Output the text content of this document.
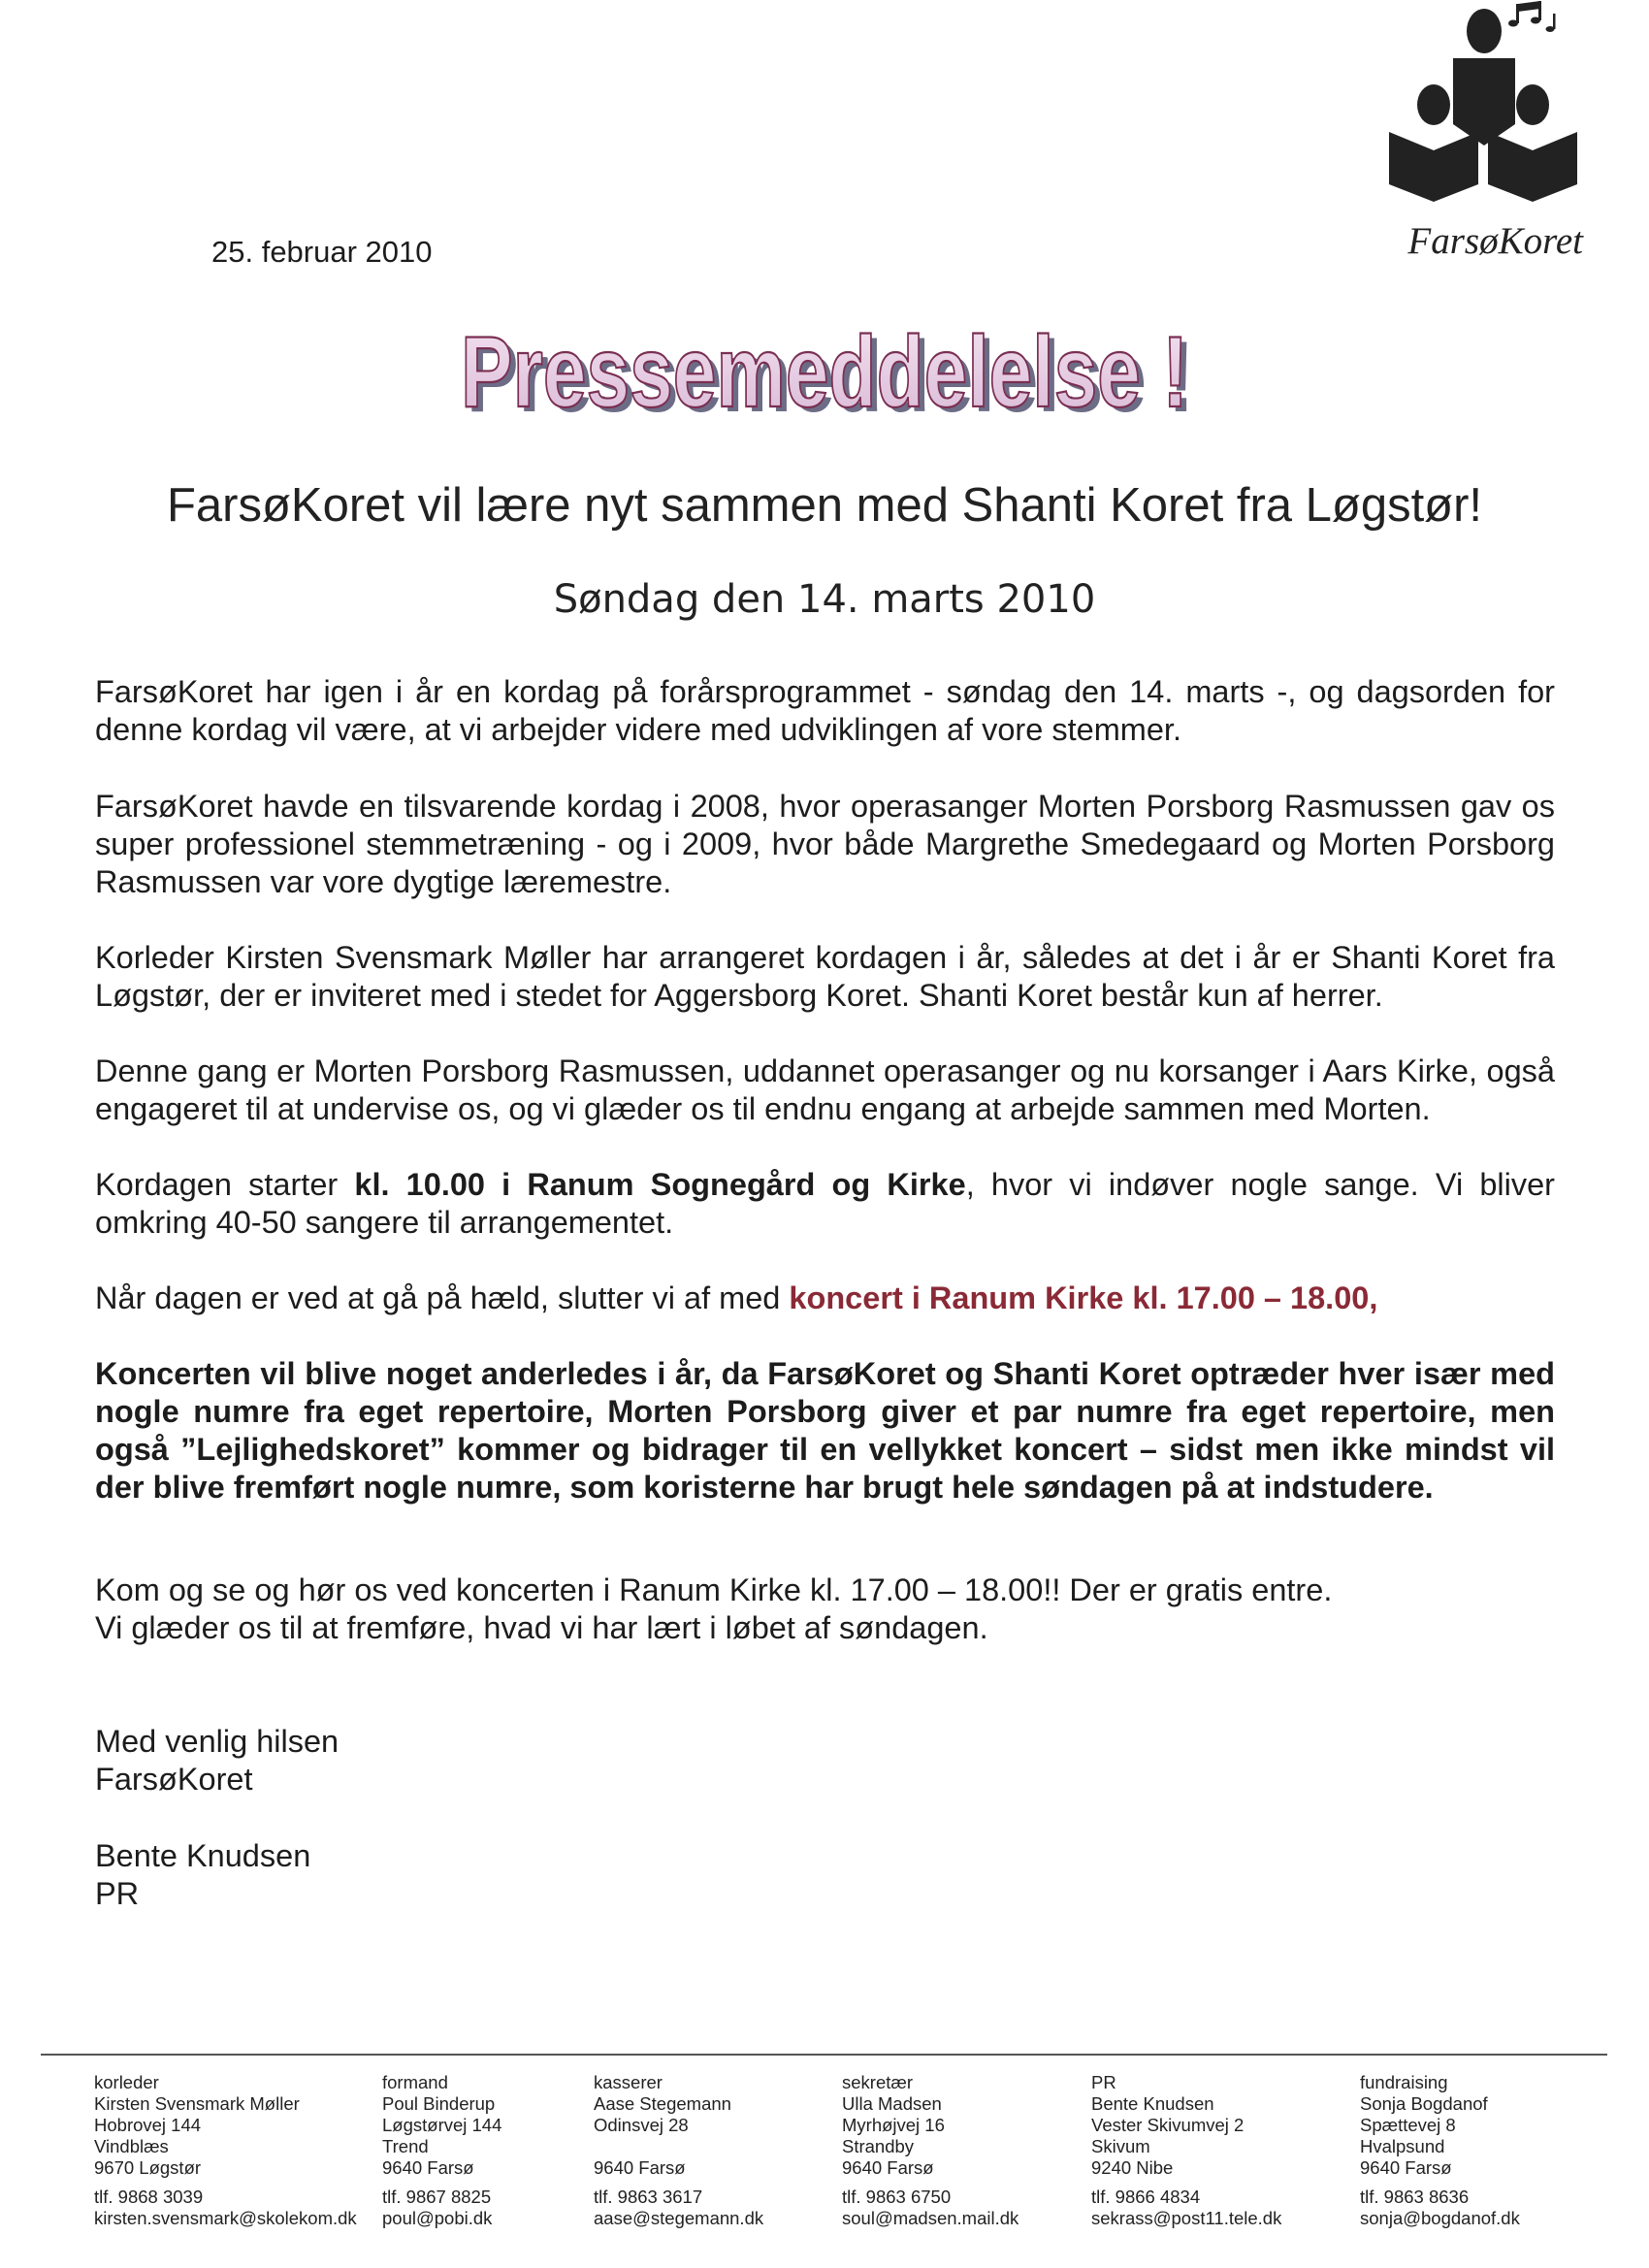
25. februar 2010	FarsøKoret
Pressemeddelelse !
Pressemeddelelse !
FarsøKoret vil lære nyt sammen med Shanti Koret fra Løgstør!
Søndag den 14. marts 2010
FarsøKoret har igen i år en kordag på forårsprogrammet - søndag den 14. marts -, og dagsorden for denne kordag vil være, at vi arbejder videre med udviklingen af vore stemmer.
FarsøKoret havde en tilsvarende kordag i 2008, hvor operasanger Morten Porsborg Rasmussen gav os super professionel stemmetræning - og i 2009, hvor både Margrethe Smedegaard og Morten Porsborg Rasmussen var vore dygtige læremestre.
Korleder Kirsten Svensmark Møller har arrangeret kordagen i år, således at det i år er Shanti Koret fra Løgstør, der er inviteret med i stedet for Aggersborg Koret. Shanti Koret består kun af herrer.
Denne gang er Morten Porsborg Rasmussen, uddannet operasanger og nu korsanger i Aars Kirke, også engageret til at undervise os, og vi glæder os til endnu engang at arbejde sammen med Morten.
Kordagen starter kl. 10.00 i Ranum Sognegård og Kirke, hvor vi indøver nogle sange. Vi bliver omkring 40-50 sangere til arrangementet.
Når dagen er ved at gå på hæld, slutter vi af med koncert i Ranum Kirke kl. 17.00 – 18.00,
Koncerten vil blive noget anderledes i år, da FarsøKoret og Shanti Koret optræder hver især med nogle numre fra eget repertoire, Morten Porsborg giver et par numre fra eget repertoire, men også ”Lejlighedskoret” kommer og bidrager til en vellykket koncert – sidst men ikke mindst vil der blive fremført nogle numre, som koristerne har brugt hele søndagen på at indstudere.
Kom og se og hør os ved koncerten i Ranum Kirke kl. 17.00 – 18.00!! Der er gratis entre.
Vi glæder os til at fremføre, hvad vi har lært i løbet af søndagen.
Med venlig hilsen
FarsøKoret
Bente Knudsen
PR
korleder
Kirsten Svensmark Møller
Hobrovej 144
Vindblæs
9670 Løgstør
tlf. 9868 3039
kirsten.svensmark@skolekom.dk
formand
Poul Binderup
Løgstørvej 144
Trend
9640 Farsø
tlf. 9867 8825
poul@pobi.dk
kasserer
Aase Stegemann
Odinsvej 28
9640 Farsø
tlf. 9863 3617
aase@stegemann.dk
sekretær
Ulla Madsen
Myrhøjvej 16
Strandby
9640 Farsø
tlf. 9863 6750
soul@madsen.mail.dk
PR
Bente Knudsen
Vester Skivumvej 2
Skivum
9240 Nibe
tlf. 9866 4834
sekrass@post11.tele.dk
fundraising
Sonja Bogdanof
Spættevej 8
Hvalpsund
9640 Farsø
tlf. 9863 8636
sonja@bogdanof.dk
